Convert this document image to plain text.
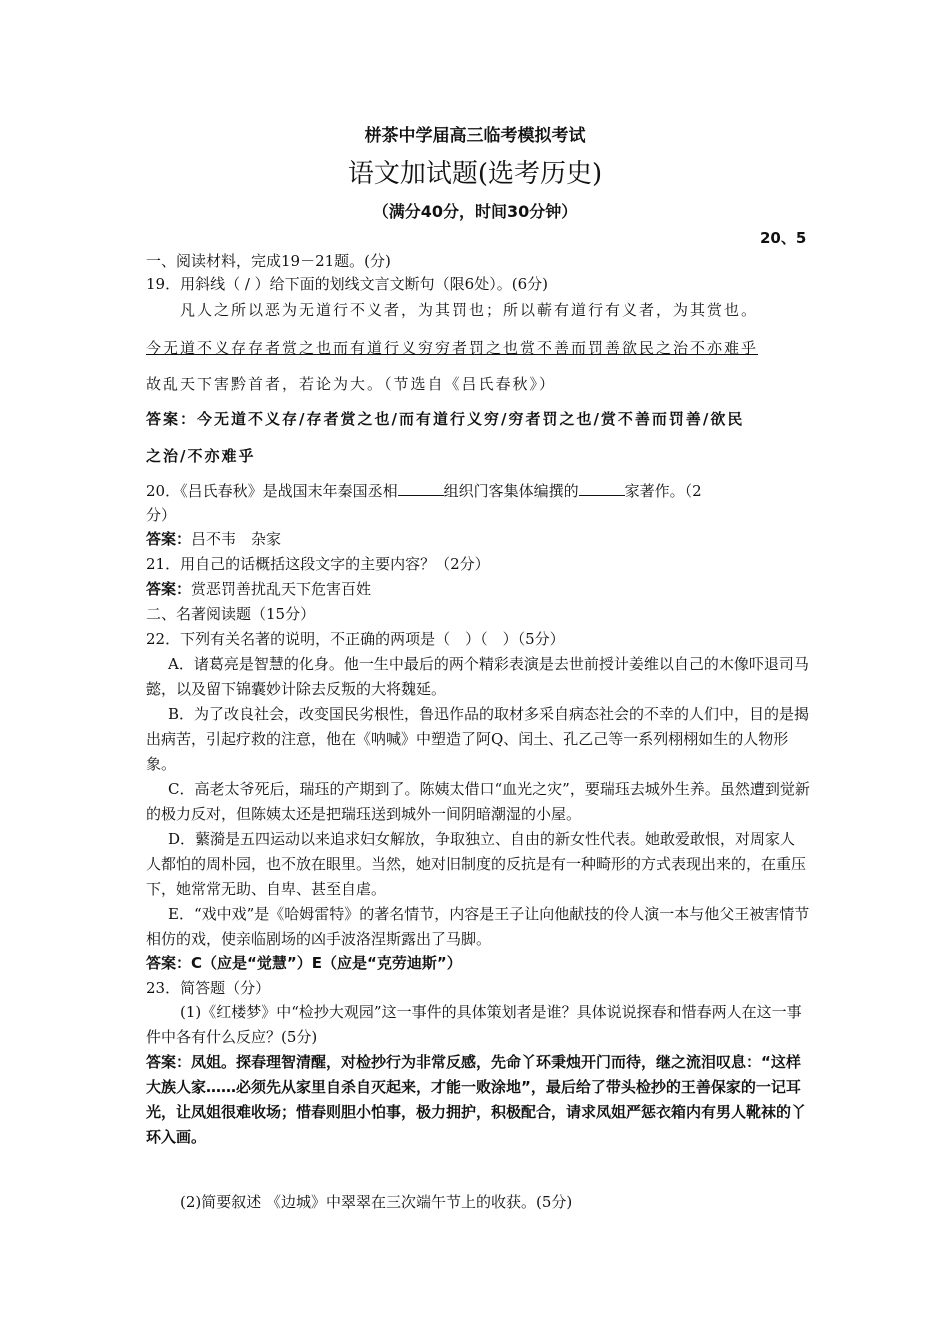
栟茶中学届高三临考模拟考试
语文加试题(选考历史)
（满分40分，时间30分钟）
20、5
一、阅读材料，完成19－21题。(分)
19．用斜线（ / ）给下面的划线文言文断句（限6处）。(6分)
凡人之所以恶为无道行不义者，为其罚也；所以蕲有道行有义者，为其赏也。
今无道不义存存者赏之也而有道行义穷穷者罚之也赏不善而罚善欲民之治不亦难乎
故乱天下害黔首者，若论为大。（节选自《吕氏春秋》）
答案：今无道不义存/存者赏之也/而有道行义穷/穷者罚之也/赏不善而罚善/欲民
之治/不亦难乎
20．《吕氏春秋》是战国末年秦国丞相	组织门客集体编撰的	家著作。（2
分）
答案：吕不韦　杂家
21．用自己的话概括这段文字的主要内容？（2分）
答案：赏恶罚善扰乱天下危害百姓
二、名著阅读题（15分）
22．下列有关名著的说明，不正确的两项是（　）（　）（5分）
A．诸葛亮是智慧的化身。他一生中最后的两个精彩表演是去世前授计姜维以自己的木像吓退司马懿，以及留下锦囊妙计除去反叛的大将魏延。
B．为了改良社会，改变国民劣根性，鲁迅作品的取材多采自病态社会的不幸的人们中，目的是揭出病苦，引起疗救的注意，他在《呐喊》中塑造了阿Q、闰土、孔乙己等一系列栩栩如生的人物形象。
C．高老太爷死后，瑞珏的产期到了。陈姨太借口“血光之灾”，要瑞珏去城外生养。虽然遭到觉新的极力反对，但陈姨太还是把瑞珏送到城外一间阴暗潮湿的小屋。
D．蘩漪是五四运动以来追求妇女解放，争取独立、自由的新女性代表。她敢爱敢恨，对周家人人都怕的周朴园，也不放在眼里。当然，她对旧制度的反抗是有一种畸形的方式表现出来的，在重压下，她常常无助、自卑、甚至自虐。
E．“戏中戏”是《哈姆雷特》的著名情节，内容是王子让向他献技的伶人演一本与他父王被害情节相仿的戏，使亲临剧场的凶手波洛涅斯露出了马脚。
答案：C（应是“觉慧”）E（应是“克劳迪斯”）
23．简答题（分）
(1)《红楼梦》中“检抄大观园”这一事件的具体策划者是谁？具体说说探春和惜春两人在这一事件中各有什么反应？(5分)
答案：凤姐。探春理智清醒，对检抄行为非常反感，先命丫环秉烛开门而待，继之流泪叹息：“这样大族人家……必须先从家里自杀自灭起来，才能一败涂地”，最后给了带头检抄的王善保家的一记耳光，让凤姐很难收场；惜春则胆小怕事，极力拥护，积极配合，请求凤姐严惩衣箱内有男人靴袜的丫环入画。
(2)简要叙述 《边城》中翠翠在三次端午节上的收获。(5分)
